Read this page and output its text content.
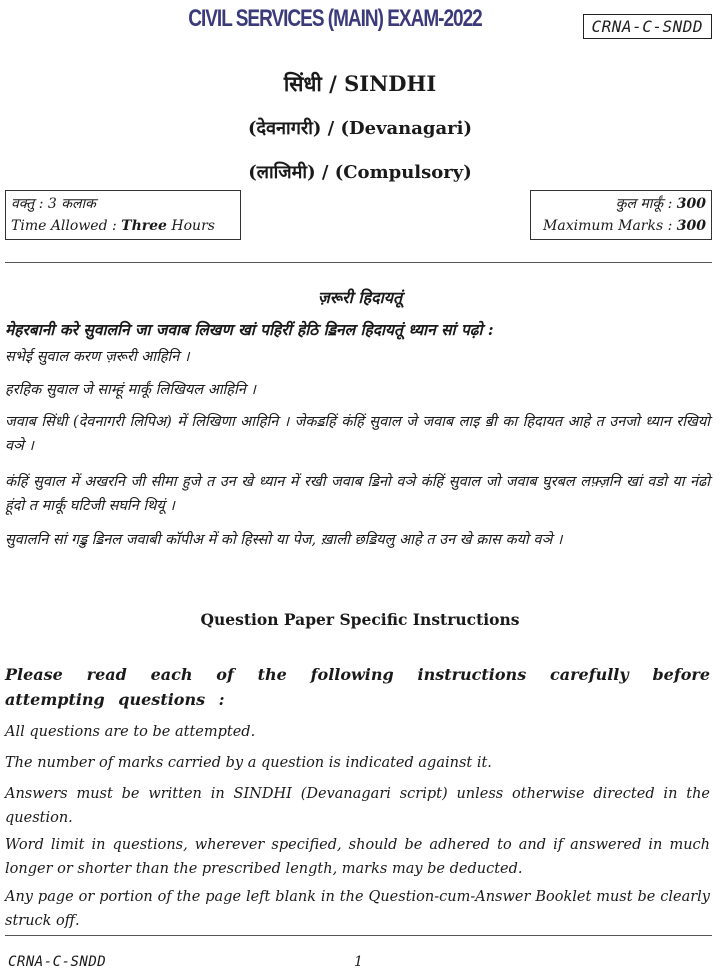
CIVIL SERVICES (MAIN) EXAM-2022	CRNA-C-SNDD
सिंधी / SINDHI
(देवनागरी) / (Devanagari)
(लाजिमी) / (Compulsory)
वक्तु : 3 कलाक
Time Allowed : Three Hours
कुल मार्कूं : 300
Maximum Marks : 300
ज़रूरी हिदायतूं

मेहरबानी करे सुवालनि जा जवाब लिखण खां पहिरीं हेठि ॾिनल हिदायतूं ध्यान सां पढ़ो :

सभेई सुवाल करण ज़रूरी आहिनि ।

हरहिक सुवाल जे साम्हूं मार्कूं लिखियल आहिनि ।

जवाब सिंधी (देवनागरी लिपिअ) में लिखिणा आहिनि । जेकॾहिं कंहिं सुवाल जे जवाब लाइ ॿी का हिदायत आहे त उनजो ध्यान रखियो वञे ।

कंहिं सुवाल में अखरनि जी सीमा हुजे त उन खे ध्यान में रखी जवाब ॾिनो वञे कंहिं सुवाल जो जवाब घुरबल लफ़्ज़नि खां वडो या नंढो हूंदो त मार्कूं घटिजी सघनि थियूं ।

सुवालनि सां गॾु ॾिनल जवाबी कॉपीअ में को हिस्सो या पेज, ख़ाली छॾियलु आहे त उन खे क्रास कयो वञे ।

Question Paper Specific Instructions

Please read each of the following instructions carefully before attempting questions :

All questions are to be attempted.

The number of marks carried by a question is indicated against it.

Answers must be written in SINDHI (Devanagari script) unless otherwise directed in the question.

Word limit in questions, wherever specified, should be adhered to and if answered in much longer or shorter than the prescribed length, marks may be deducted.

Any page or portion of the page left blank in the Question-cum-Answer Booklet must be clearly struck off.

CRNA-C-SNDD	1
